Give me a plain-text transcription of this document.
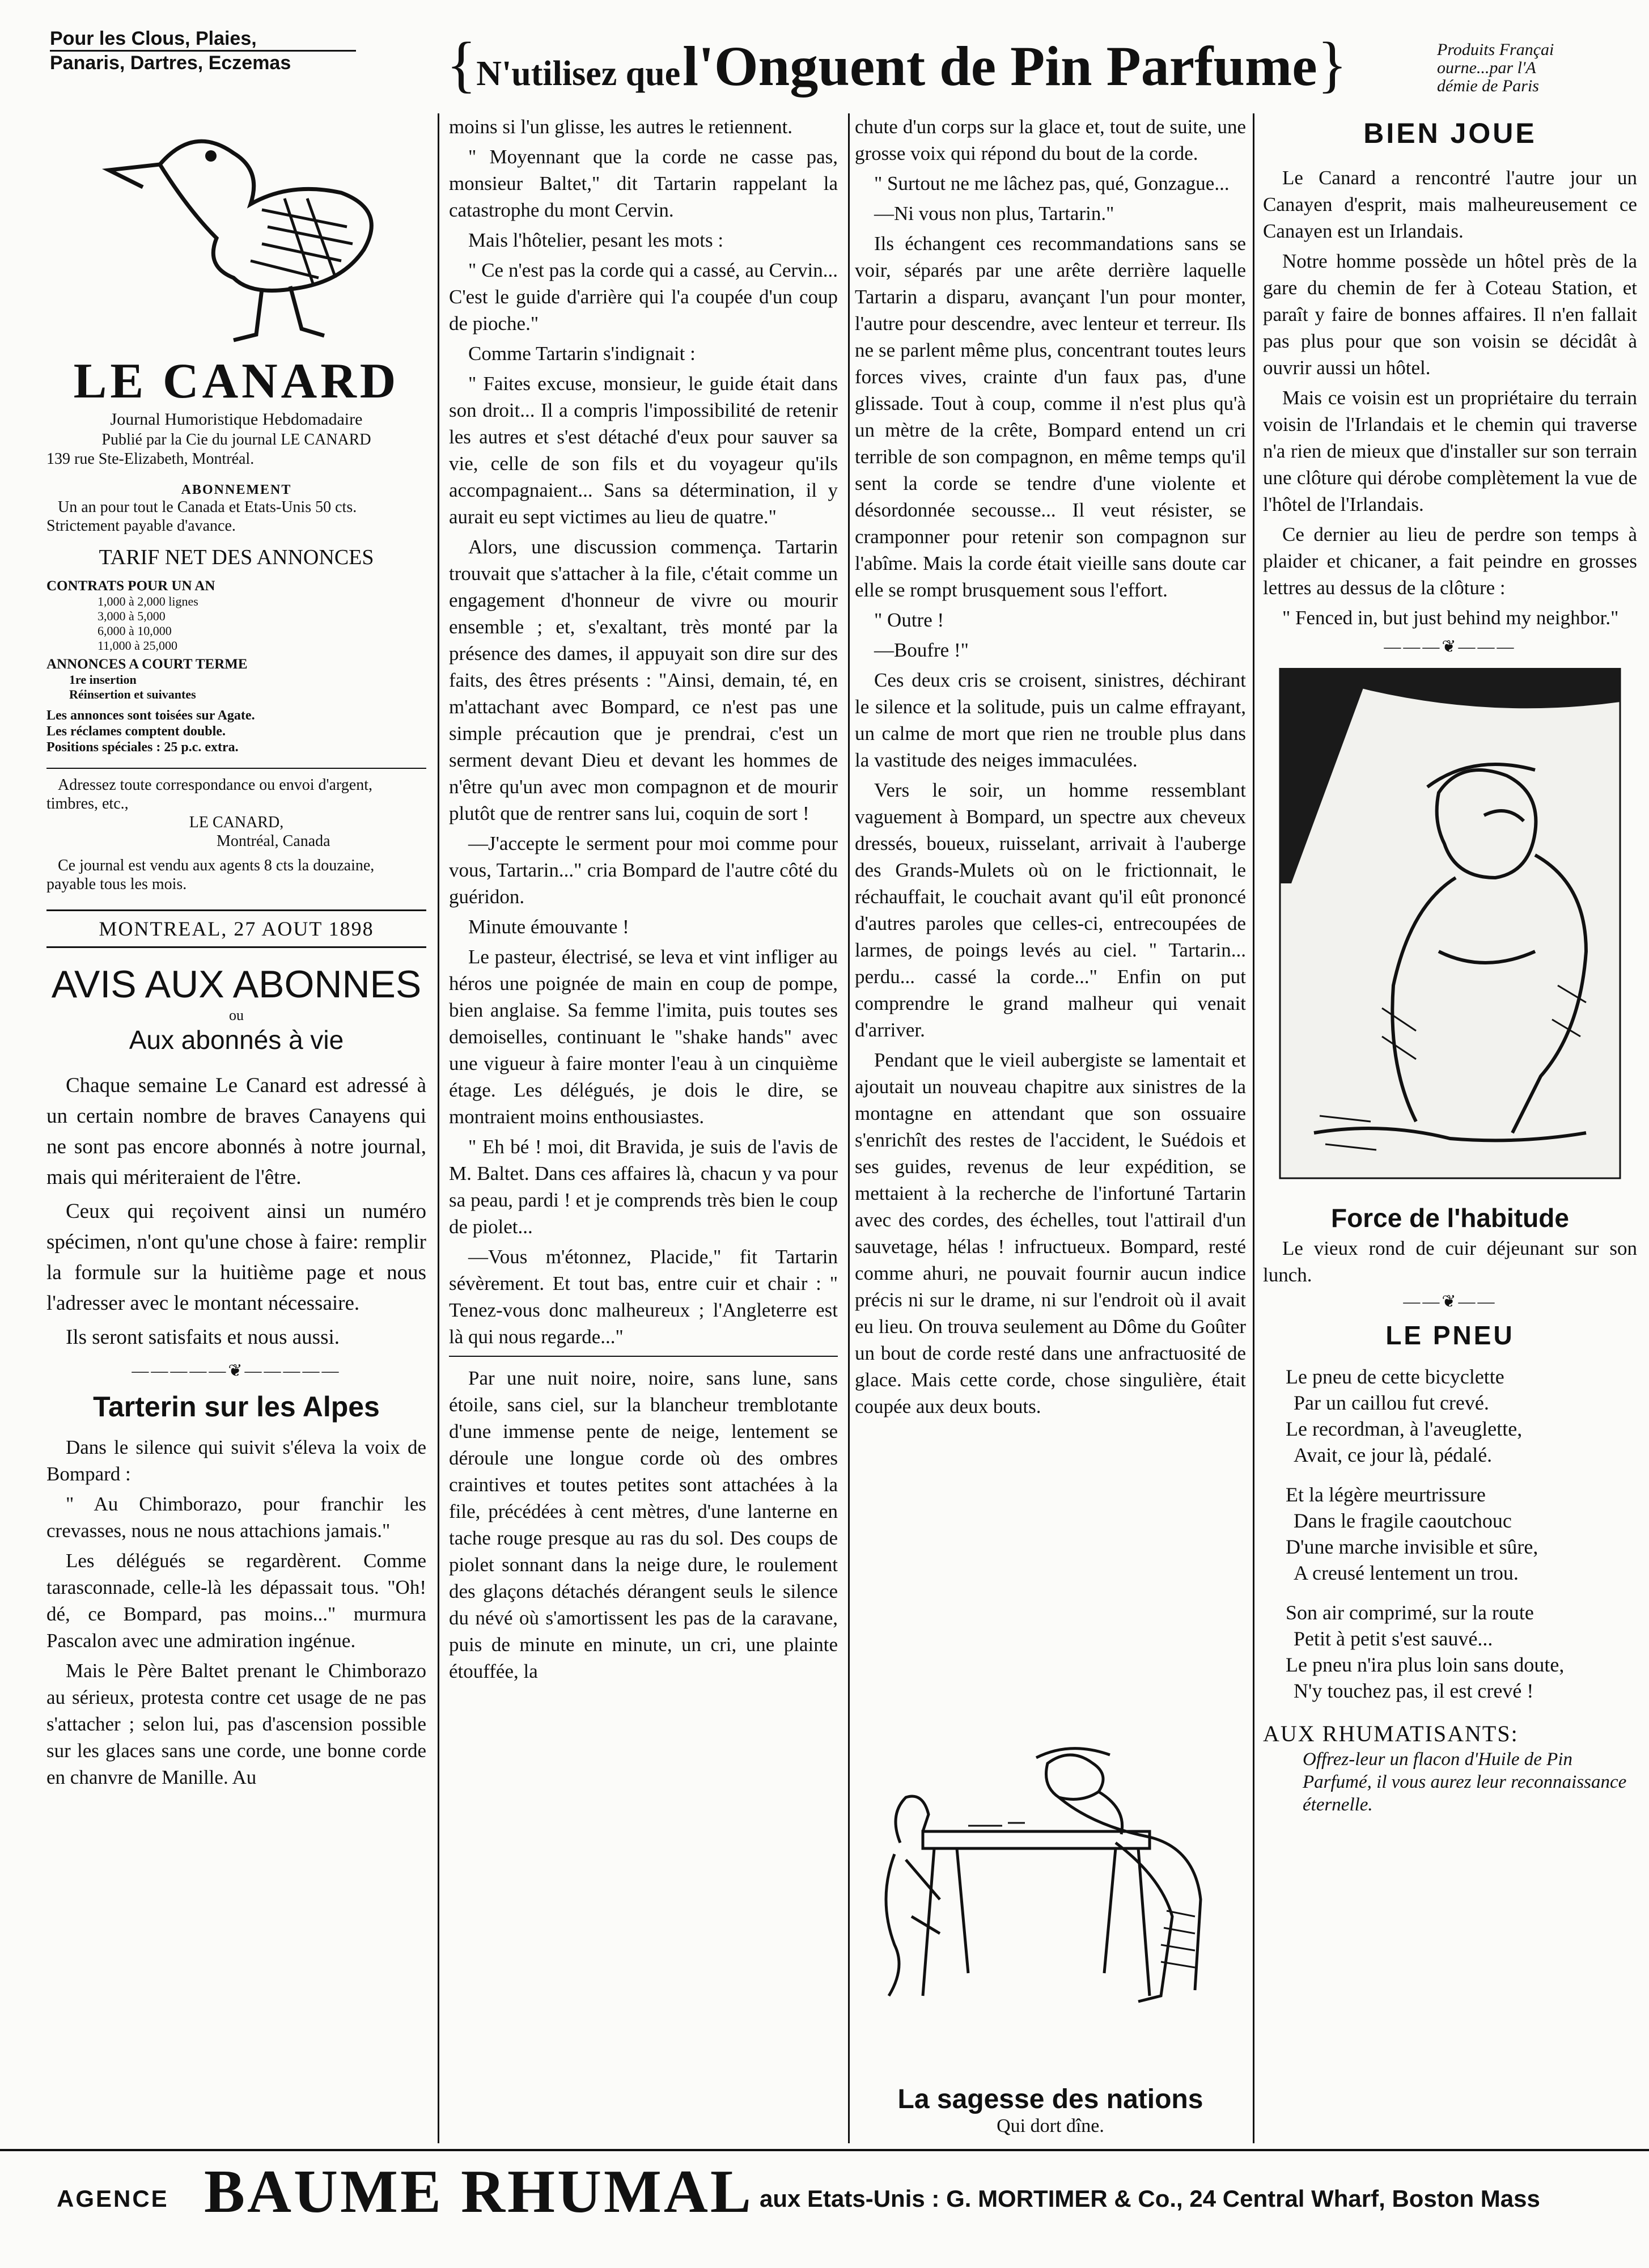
Pour les Clous, Plaies,
Panaris, Dartres, Eczemas	{N'utilisez que l'Onguent de Pin Parfume}	Produits Françai
ourne...par l'A
démie de Paris
LE CANARD
Journal Humoristique Hebdomadaire
Publié par la Cie du journal LE CANARD
139 rue Ste-Elizabeth, Montréal.
ABONNEMENT
Un an pour tout le Canada et Etats-Unis 50 cts. Strictement payable d'avance.
TARIF NET DES ANNONCES
CONTRATS POUR UN AN
1,000 à 2,000 lignes
3,000 à 5,000
6,000 à 10,000
11,000 à 25,000
ANNONCES A COURT TERME
1re insertion
Réinsertion et suivantes
Les annonces sont toisées sur Agate.
Les réclames comptent double.
Positions spéciales : 25 p.c. extra.
Adressez toute correspondance ou envoi d'argent, timbres, etc.,
LE CANARD,
Montréal, Canada
Ce journal est vendu aux agents 8 cts la douzaine, payable tous les mois.
MONTREAL, 27 AOUT 1898
AVIS AUX ABONNES
ou
Aux abonnés à vie

Chaque semaine Le Canard est adressé à un certain nombre de braves Canayens qui ne sont pas encore abonnés à notre journal, mais qui mériteraient de l'être.

Ceux qui reçoivent ainsi un numéro spécimen, n'ont qu'une chose à faire: remplir la formule sur la huitième page et nous l'adresser avec le montant nécessaire.

Ils seront satisfaits et nous aussi.

—————❦—————
Tarterin sur les Alpes

Dans le silence qui suivit s'éleva la voix de Bompard :

" Au Chimborazo, pour franchir les crevasses, nous ne nous attachions jamais."

Les délégués se regardèrent. Comme tarasconnade, celle-là les dépassait tous. "Oh! dé, ce Bompard, pas moins..." murmura Pascalon avec une admiration ingénue.

Mais le Père Baltet prenant le Chimborazo au sérieux, protesta contre cet usage de ne pas s'attacher ; selon lui, pas d'ascension possible sur les glaces sans une corde, une bonne corde en chanvre de Manille. Au

moins si l'un glisse, les autres le retiennent.

" Moyennant que la corde ne casse pas, monsieur Baltet," dit Tartarin rappelant la catastrophe du mont Cervin.

Mais l'hôtelier, pesant les mots :

" Ce n'est pas la corde qui a cassé, au Cervin... C'est le guide d'arrière qui l'a coupée d'un coup de pioche."

Comme Tartarin s'indignait :

" Faites excuse, monsieur, le guide était dans son droit... Il a compris l'impossibilité de retenir les autres et s'est détaché d'eux pour sauver sa vie, celle de son fils et du voyageur qu'ils accompagnaient... Sans sa détermination, il y aurait eu sept victimes au lieu de quatre."

Alors, une discussion commença. Tartarin trouvait que s'attacher à la file, c'était comme un engagement d'honneur de vivre ou mourir ensemble ; et, s'exaltant, très monté par la présence des dames, il appuyait son dire sur des faits, des êtres présents : "Ainsi, demain, té, en m'attachant avec Bompard, ce n'est pas une simple précaution que je prendrai, c'est un serment devant Dieu et devant les hommes de n'être qu'un avec mon compagnon et de mourir plutôt que de rentrer sans lui, coquin de sort !

—J'accepte le serment pour moi comme pour vous, Tartarin..." cria Bompard de l'autre côté du guéridon.

Minute émouvante !

Le pasteur, électrisé, se leva et vint infliger au héros une poignée de main en coup de pompe, bien anglaise. Sa femme l'imita, puis toutes ses demoiselles, continuant le "shake hands" avec une vigueur à faire monter l'eau à un cinquième étage. Les délégués, je dois le dire, se montraient moins enthousiastes.

" Eh bé ! moi, dit Bravida, je suis de l'avis de M. Baltet. Dans ces affaires là, chacun y va pour sa peau, pardi ! et je comprends très bien le coup de piolet...

—Vous m'étonnez, Placide," fit Tartarin sévèrement. Et tout bas, entre cuir et chair : " Tenez-vous donc malheureux ; l'Angleterre est là qui nous regarde..."

Par une nuit noire, noire, sans lune, sans étoile, sans ciel, sur la blancheur tremblotante d'une immense pente de neige, lentement se déroule une longue corde où des ombres craintives et toutes petites sont attachées à la file, précédées à cent mètres, d'une lanterne en tache rouge presque au ras du sol. Des coups de piolet sonnant dans la neige dure, le roulement des glaçons détachés dérangent seuls le silence du névé où s'amortissent les pas de la caravane, puis de minute en minute, un cri, une plainte étouffée, la

chute d'un corps sur la glace et, tout de suite, une grosse voix qui répond du bout de la corde.

" Surtout ne me lâchez pas, qué, Gonzague...

—Ni vous non plus, Tartarin."

Ils échangent ces recommandations sans se voir, séparés par une arête derrière laquelle Tartarin a disparu, avançant l'un pour monter, l'autre pour descendre, avec lenteur et terreur. Ils ne se parlent même plus, concentrant toutes leurs forces vives, crainte d'un faux pas, d'une glissade. Tout à coup, comme il n'est plus qu'à un mètre de la crête, Bompard entend un cri terrible de son compagnon, en même temps qu'il sent la corde se tendre d'une violente et désordonnée secousse... Il veut résister, se cramponner pour retenir son compagnon sur l'abîme. Mais la corde était vieille sans doute car elle se rompt brusquement sous l'effort.

" Outre !

—Boufre !"

Ces deux cris se croisent, sinistres, déchirant le silence et la solitude, puis un calme effrayant, un calme de mort que rien ne trouble plus dans la vastitude des neiges immaculées.

Vers le soir, un homme ressemblant vaguement à Bompard, un spectre aux cheveux dressés, boueux, ruisselant, arrivait à l'auberge des Grands-Mulets où on le frictionnait, le réchauffait, le couchait avant qu'il eût prononcé d'autres paroles que celles-ci, entrecoupées de larmes, de poings levés au ciel. " Tartarin... perdu... cassé la corde..." Enfin on put comprendre le grand malheur qui venait d'arriver.

Pendant que le vieil aubergiste se lamentait et ajoutait un nouveau chapitre aux sinistres de la montagne en attendant que son ossuaire s'enrichît des restes de l'accident, le Suédois et ses guides, revenus de leur expédition, se mettaient à la recherche de l'infortuné Tartarin avec des cordes, des échelles, tout l'attirail d'un sauvetage, hélas ! infructueux. Bompard, resté comme ahuri, ne pouvait fournir aucun indice précis ni sur le drame, ni sur l'endroit où il avait eu lieu. On trouva seulement au Dôme du Goûter un bout de corde resté dans une anfractuosité de glace. Mais cette corde, chose singulière, était coupée aux deux bouts.

La sagesse des nations
Qui dort dîne.
BIEN JOUE

Le Canard a rencontré l'autre jour un Canayen d'esprit, mais malheureusement ce Canayen est un Irlandais.

Notre homme possède un hôtel près de la gare du chemin de fer à Coteau Station, et paraît y faire de bonnes affaires. Il n'en fallait pas plus pour que son voisin se décidât à ouvrir aussi un hôtel.

Mais ce voisin est un propriétaire du terrain voisin de l'Irlandais et le chemin qui traverse n'a rien de mieux que d'installer sur son terrain une clôture qui dérobe complètement la vue de l'hôtel de l'Irlandais.

Ce dernier au lieu de perdre son temps à plaider et chicaner, a fait peindre en grosses lettres au dessus de la clôture :

" Fenced in, but just behind my neighbor."

———❦———
Force de l'habitude

Le vieux rond de cuir déjeunant sur son lunch.

——❦——
LE PNEU
Le pneu de cette bicyclette
Par un caillou fut crevé.
Le recordman, à l'aveuglette,
Avait, ce jour là, pédalé.
Et la légère meurtrissure
Dans le fragile caoutchouc
D'une marche invisible et sûre,
A creusé lentement un trou.
Son air comprimé, sur la route
Petit à petit s'est sauvé...
Le pneu n'ira plus loin sans doute,
N'y touchez pas, il est crevé !
AUX RHUMATISANTS:
Offrez-leur un flacon d'Huile de Pin Parfumé, il vous aurez leur reconnaissance éternelle.
AGENCE BAUME RHUMAL aux Etats-Unis : G. MORTIMER & Co., 24 Central Wharf, Boston Mass
